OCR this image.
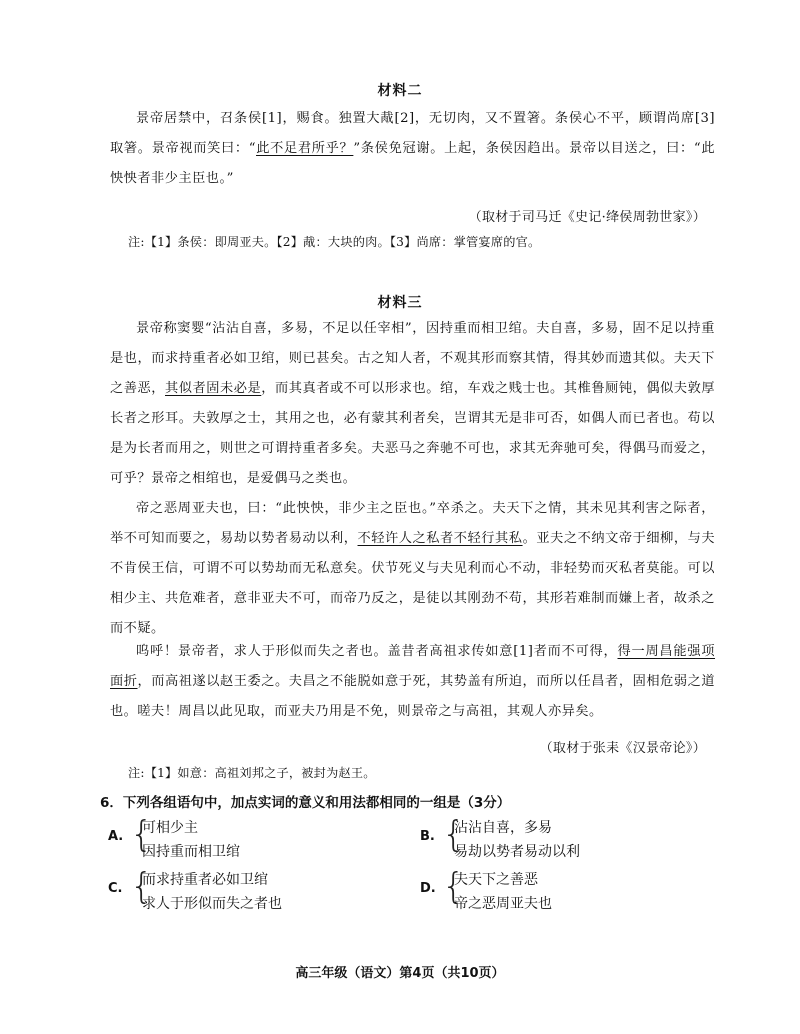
材料二
景帝居禁中，召条侯[1]，赐食。独置大胾[2]，无切肉，又不置箸。条侯心不平，顾谓尚席[3]取箸。景帝视而笑曰：“此不足君所乎？”条侯免冠谢。上起，条侯因趋出。景帝以目送之，曰：“此怏怏者非少主臣也。”
（取材于司马迁《史记·绛侯周勃世家》）
注:【1】条侯：即周亚夫。【2】胾：大块的肉。【3】尚席：掌管宴席的官。
材料三
景帝称窦婴“沾沾自喜，多易，不足以任宰相”，因持重而相卫绾。夫自喜，多易，固不足以持重是也，而求持重者必如卫绾，则已甚矣。古之知人者，不观其形而察其情，得其妙而遗其似。夫天下之善恶，其似者固未必是，而其真者或不可以形求也。绾，车戏之贱士也。其椎鲁厕钝，偶似夫敦厚长者之形耳。夫敦厚之士，其用之也，必有蒙其利者矣，岂谓其无是非可否，如偶人而已者也。苟以是为长者而用之，则世之可谓持重者多矣。夫恶马之奔驰不可也，求其无奔驰可矣，得偶马而爱之，可乎？景帝之相绾也，是爱偶马之类也。
帝之恶周亚夫也，曰：“此怏怏，非少主之臣也。”卒杀之。夫天下之情，其未见其利害之际者，举不可知而要之，易劫以势者易动以利，不轻许人之私者不轻行其私。亚夫之不纳文帝于细柳，与夫不肯侯王信，可谓不可以势劫而无私意矣。伏节死义与夫见利而心不动，非轻势而灭私者莫能。可以相少主、共危难者，意非亚夫不可，而帝乃反之，是徒以其刚劲不苟，其形若难制而嫌上者，故杀之而不疑。
呜呼！景帝者，求人于形似而失之者也。盖昔者高祖求传如意[1]者而不可得，得一周昌能强项面折，而高祖遂以赵王委之。夫昌之不能脱如意于死，其势盖有所迫，而所以任昌者，固相危弱之道也。嗟夫！周昌以此见取，而亚夫乃用是不免，则景帝之与高祖，其观人亦异矣。
（取材于张耒《汉景帝论》）
注:【1】如意：高祖刘邦之子，被封为赵王。
6．下列各组语句中，加点实词的意义和用法都相同的一组是（3分）
A. {
可相少主
因持重而相卫绾
B. {
沾沾自喜，多易
易劫以势者易动以利
C. {
而求持重者必如卫绾
求人于形似而失之者也
D. {
夫天下之善恶
帝之恶周亚夫也
高三年级（语文）第4页（共10页）
